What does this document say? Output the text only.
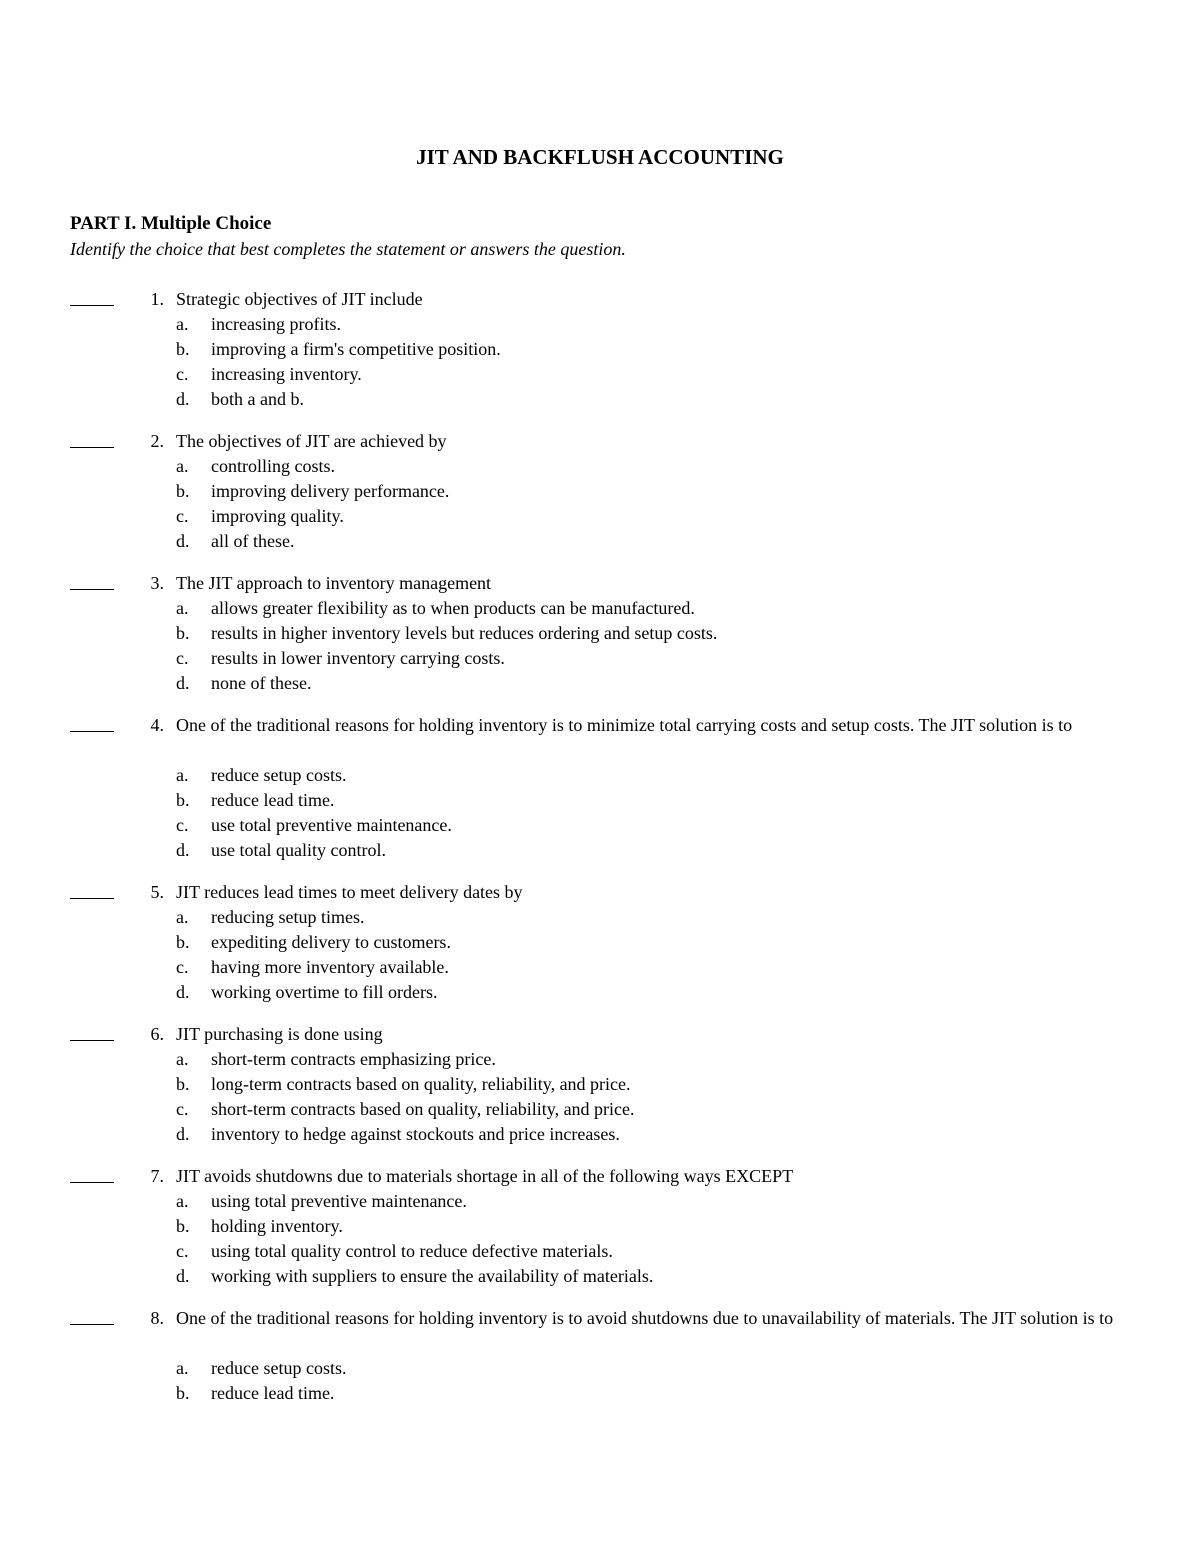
JIT AND BACKFLUSH ACCOUNTING
PART I. Multiple Choice
Identify the choice that best completes the statement or answers the question.
1. Strategic objectives of JIT include
a. increasing profits.
b. improving a firm's competitive position.
c. increasing inventory.
d. both a and b.
2. The objectives of JIT are achieved by
a. controlling costs.
b. improving delivery performance.
c. improving quality.
d. all of these.
3. The JIT approach to inventory management
a. allows greater flexibility as to when products can be manufactured.
b. results in higher inventory levels but reduces ordering and setup costs.
c. results in lower inventory carrying costs.
d. none of these.
4. One of the traditional reasons for holding inventory is to minimize total carrying costs and setup costs. The JIT solution is to
a. reduce setup costs.
b. reduce lead time.
c. use total preventive maintenance.
d. use total quality control.
5. JIT reduces lead times to meet delivery dates by
a. reducing setup times.
b. expediting delivery to customers.
c. having more inventory available.
d. working overtime to fill orders.
6. JIT purchasing is done using
a. short-term contracts emphasizing price.
b. long-term contracts based on quality, reliability, and price.
c. short-term contracts based on quality, reliability, and price.
d. inventory to hedge against stockouts and price increases.
7. JIT avoids shutdowns due to materials shortage in all of the following ways EXCEPT
a. using total preventive maintenance.
b. holding inventory.
c. using total quality control to reduce defective materials.
d. working with suppliers to ensure the availability of materials.
8. One of the traditional reasons for holding inventory is to avoid shutdowns due to unavailability of materials. The JIT solution is to
a. reduce setup costs.
b. reduce lead time.
